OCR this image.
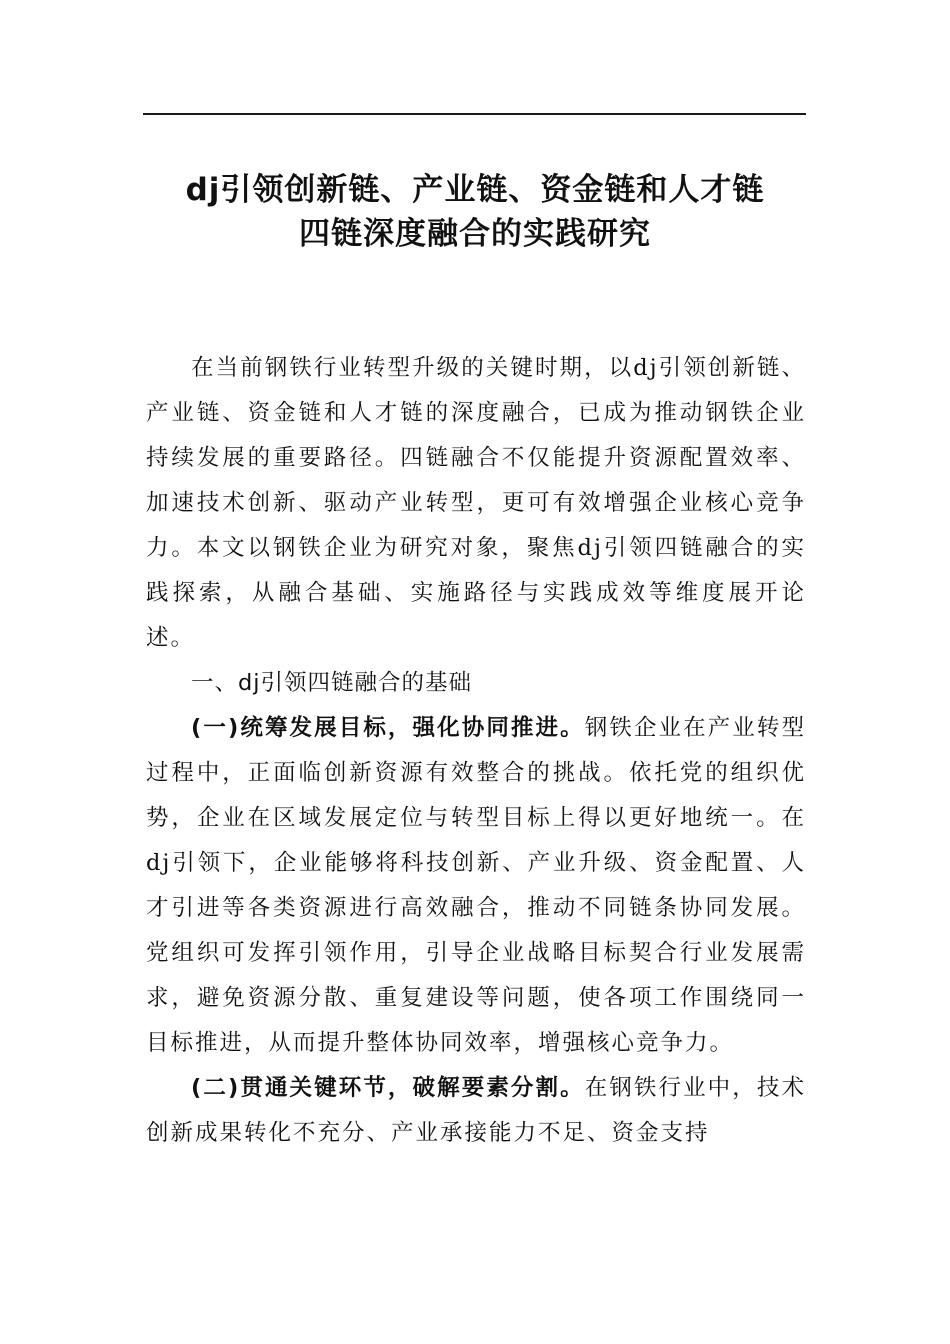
dj引领创新链、产业链、资金链和人才链
四链深度融合的实践研究

在当前钢铁行业转型升级的关键时期，以dj引领创新链、产业链、资金链和人才链的深度融合，已成为推动钢铁企业持续发展的重要路径。四链融合不仅能提升资源配置效率、加速技术创新、驱动产业转型，更可有效增强企业核心竞争力。本文以钢铁企业为研究对象，聚焦dj引领四链融合的实践探索，从融合基础、实施路径与实践成效等维度展开论述。

一、dj引领四链融合的基础

(一)统筹发展目标，强化协同推进。钢铁企业在产业转型过程中，正面临创新资源有效整合的挑战。依托党的组织优势，企业在区域发展定位与转型目标上得以更好地统一。在dj引领下，企业能够将科技创新、产业升级、资金配置、人才引进等各类资源进行高效融合，推动不同链条协同发展。党组织可发挥引领作用，引导企业战略目标契合行业发展需求，避免资源分散、重复建设等问题，使各项工作围绕同一目标推进，从而提升整体协同效率，增强核心竞争力。

(二)贯通关键环节，破解要素分割。在钢铁行业中，技术创新成果转化不充分、产业承接能力不足、资金支持
